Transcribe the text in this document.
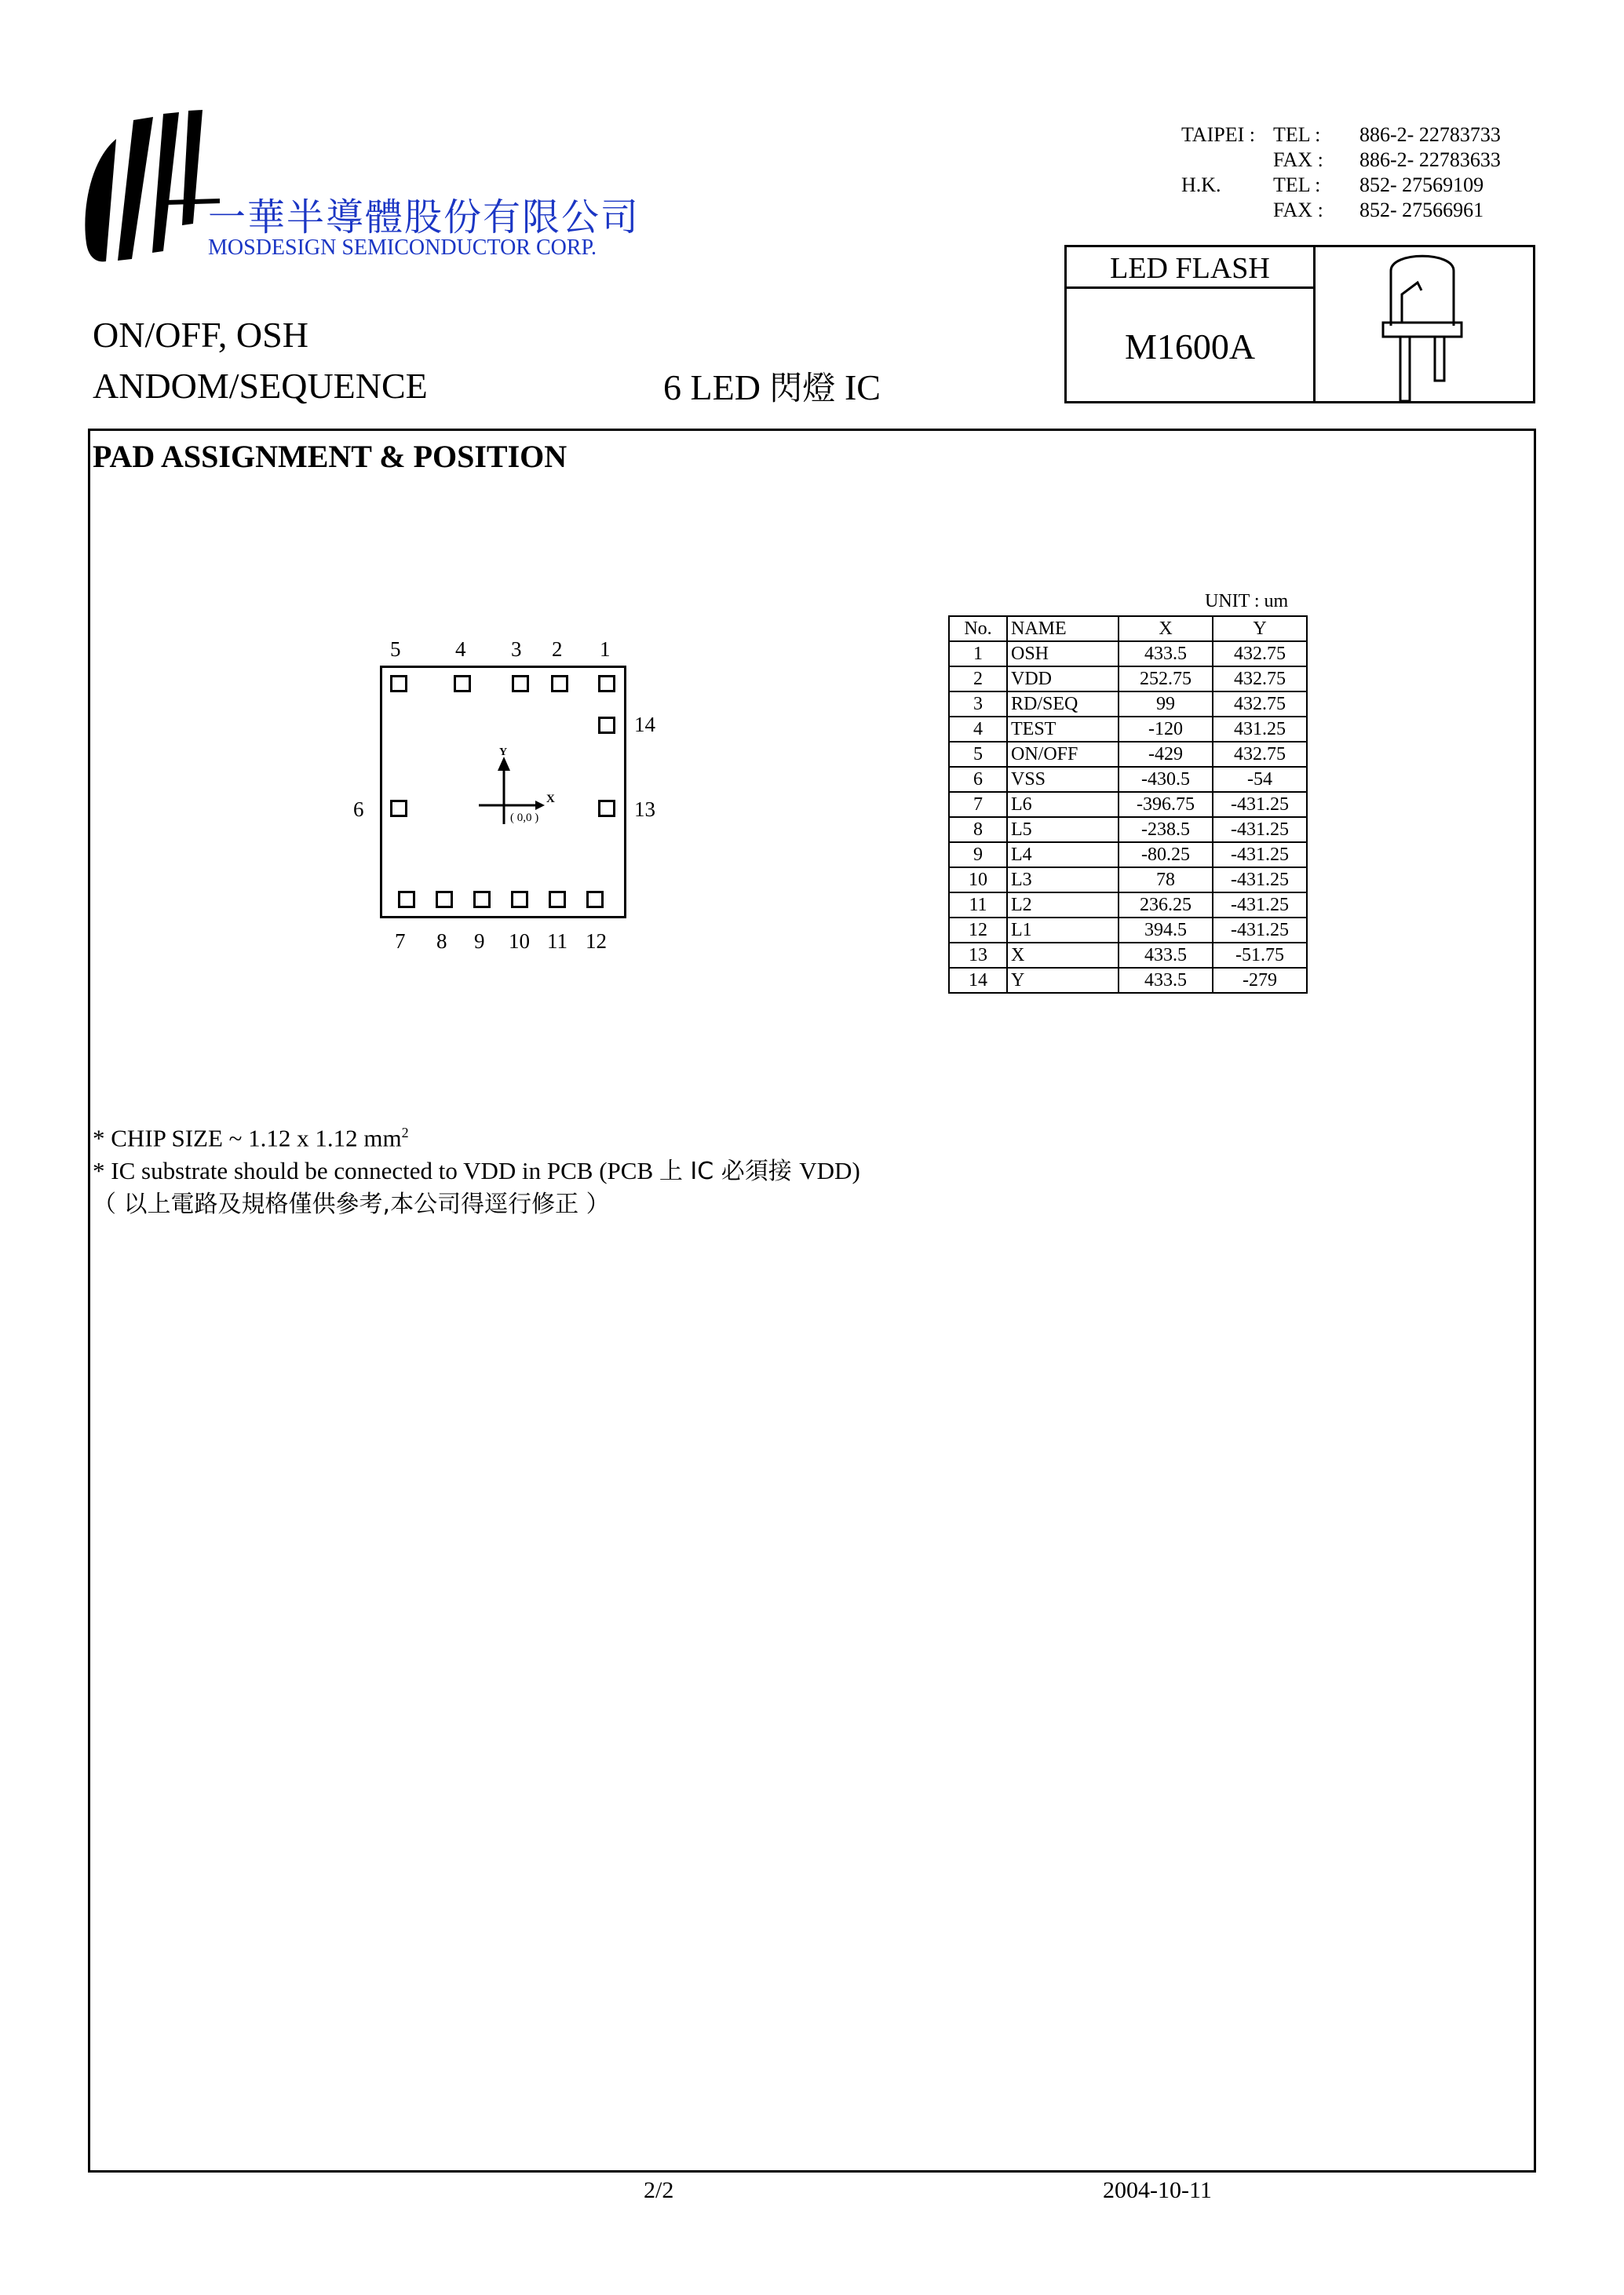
一華半導體股份有限公司
MOSDESIGN SEMICONDUCTOR CORP.
TAIPEI : TEL : 886-2- 22783733
FAX : 886-2- 22783633
H.K.	TEL : 852- 27569109
FAX : 852- 27566961
LED FLASH
M1600A
ON/OFF, OSH
ANDOM/SEQUENCE	6 LED 閃燈 IC
PAD ASSIGNMENT & POSITION
5	4 3 2 1
14
13
6
7 8 9 10 11 12
Y
X
( 0,0 )
UNIT : um
No.	NAME	X	Y
1	OSH	433.5	432.75
2	VDD	252.75	432.75
3	RD/SEQ	99	432.75
4	TEST	-120	431.25
5	ON/OFF	-429	432.75
6	VSS	-430.5	-54
7	L6	-396.75	-431.25
8	L5	-238.5	-431.25
9	L4	-80.25	-431.25
10	L3	78	-431.25
11	L2	236.25	-431.25
12	L1	394.5	-431.25
13	X	433.5	-51.75
14	Y	433.5	-279
* CHIP SIZE ~ 1.12 x 1.12 $mm^2$
* IC substrate should be connected to VDD in PCB (PCB 上 IC 必須接 VDD)
（ 以上電路及規格僅供參考,本公司得逕行修正 ）
2/2	2004-10-11
